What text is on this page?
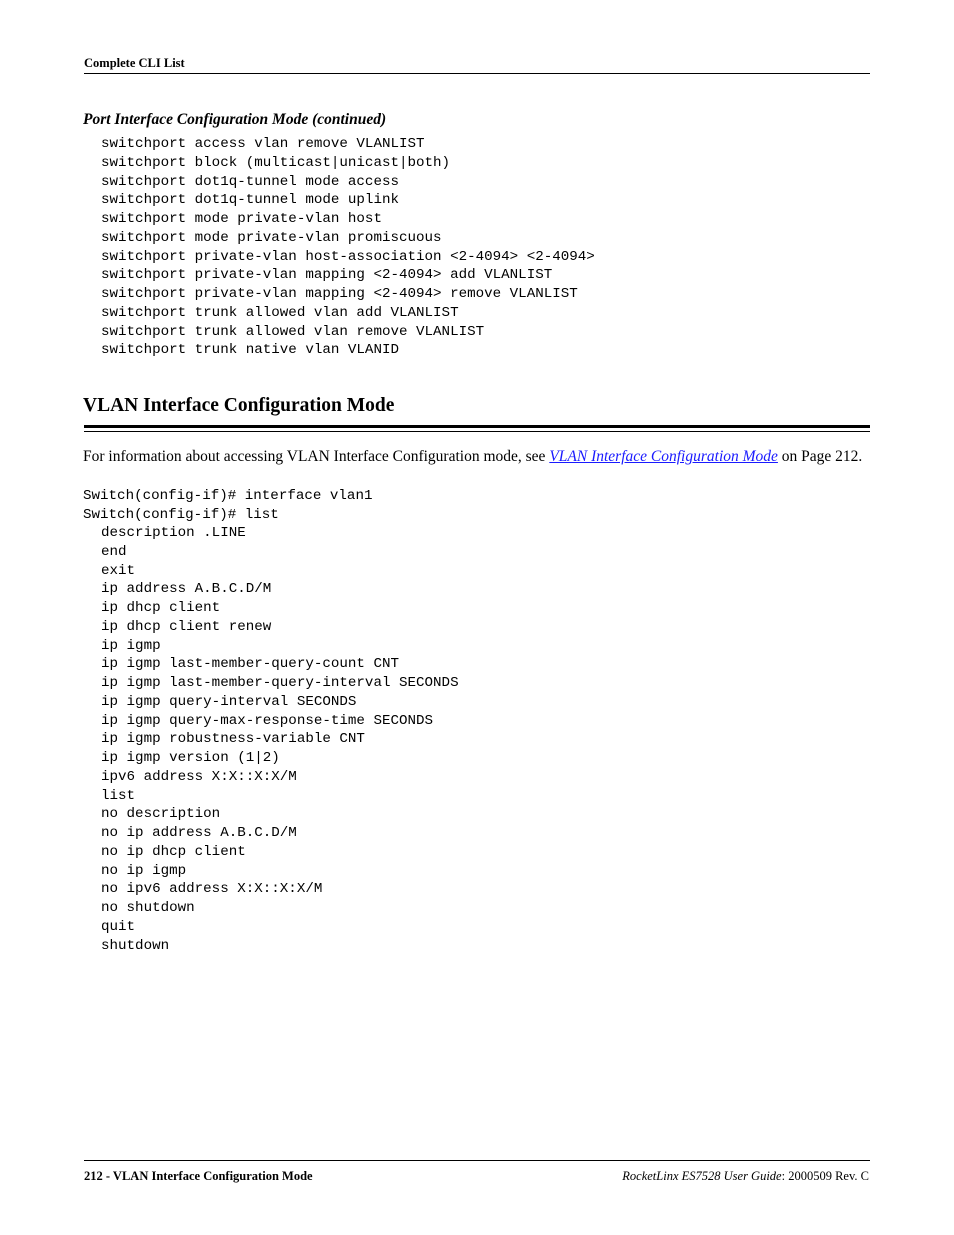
Complete CLI List
Port Interface Configuration Mode (continued)
switchport access vlan remove VLANLIST
switchport block (multicast|unicast|both)
switchport dot1q-tunnel mode access
switchport dot1q-tunnel mode uplink
switchport mode private-vlan host
switchport mode private-vlan promiscuous
switchport private-vlan host-association <2-4094> <2-4094>
switchport private-vlan mapping <2-4094> add VLANLIST
switchport private-vlan mapping <2-4094> remove VLANLIST
switchport trunk allowed vlan add VLANLIST
switchport trunk allowed vlan remove VLANLIST
switchport trunk native vlan VLANID
VLAN Interface Configuration Mode
For information about accessing VLAN Interface Configuration mode, see VLAN Interface Configuration Mode on Page 212.
Switch(config-if)# interface vlan1
Switch(config-if)# list
description .LINE
end
exit
ip address A.B.C.D/M
ip dhcp client
ip dhcp client renew
ip igmp
ip igmp last-member-query-count CNT
ip igmp last-member-query-interval SECONDS
ip igmp query-interval SECONDS
ip igmp query-max-response-time SECONDS
ip igmp robustness-variable CNT
ip igmp version (1|2)
ipv6 address X:X::X:X/M
list
no description
no ip address A.B.C.D/M
no ip dhcp client
no ip igmp
no ipv6 address X:X::X:X/M
no shutdown
quit
shutdown
212 - VLAN Interface Configuration Mode	RocketLinx ES7528 User Guide: 2000509 Rev. C
